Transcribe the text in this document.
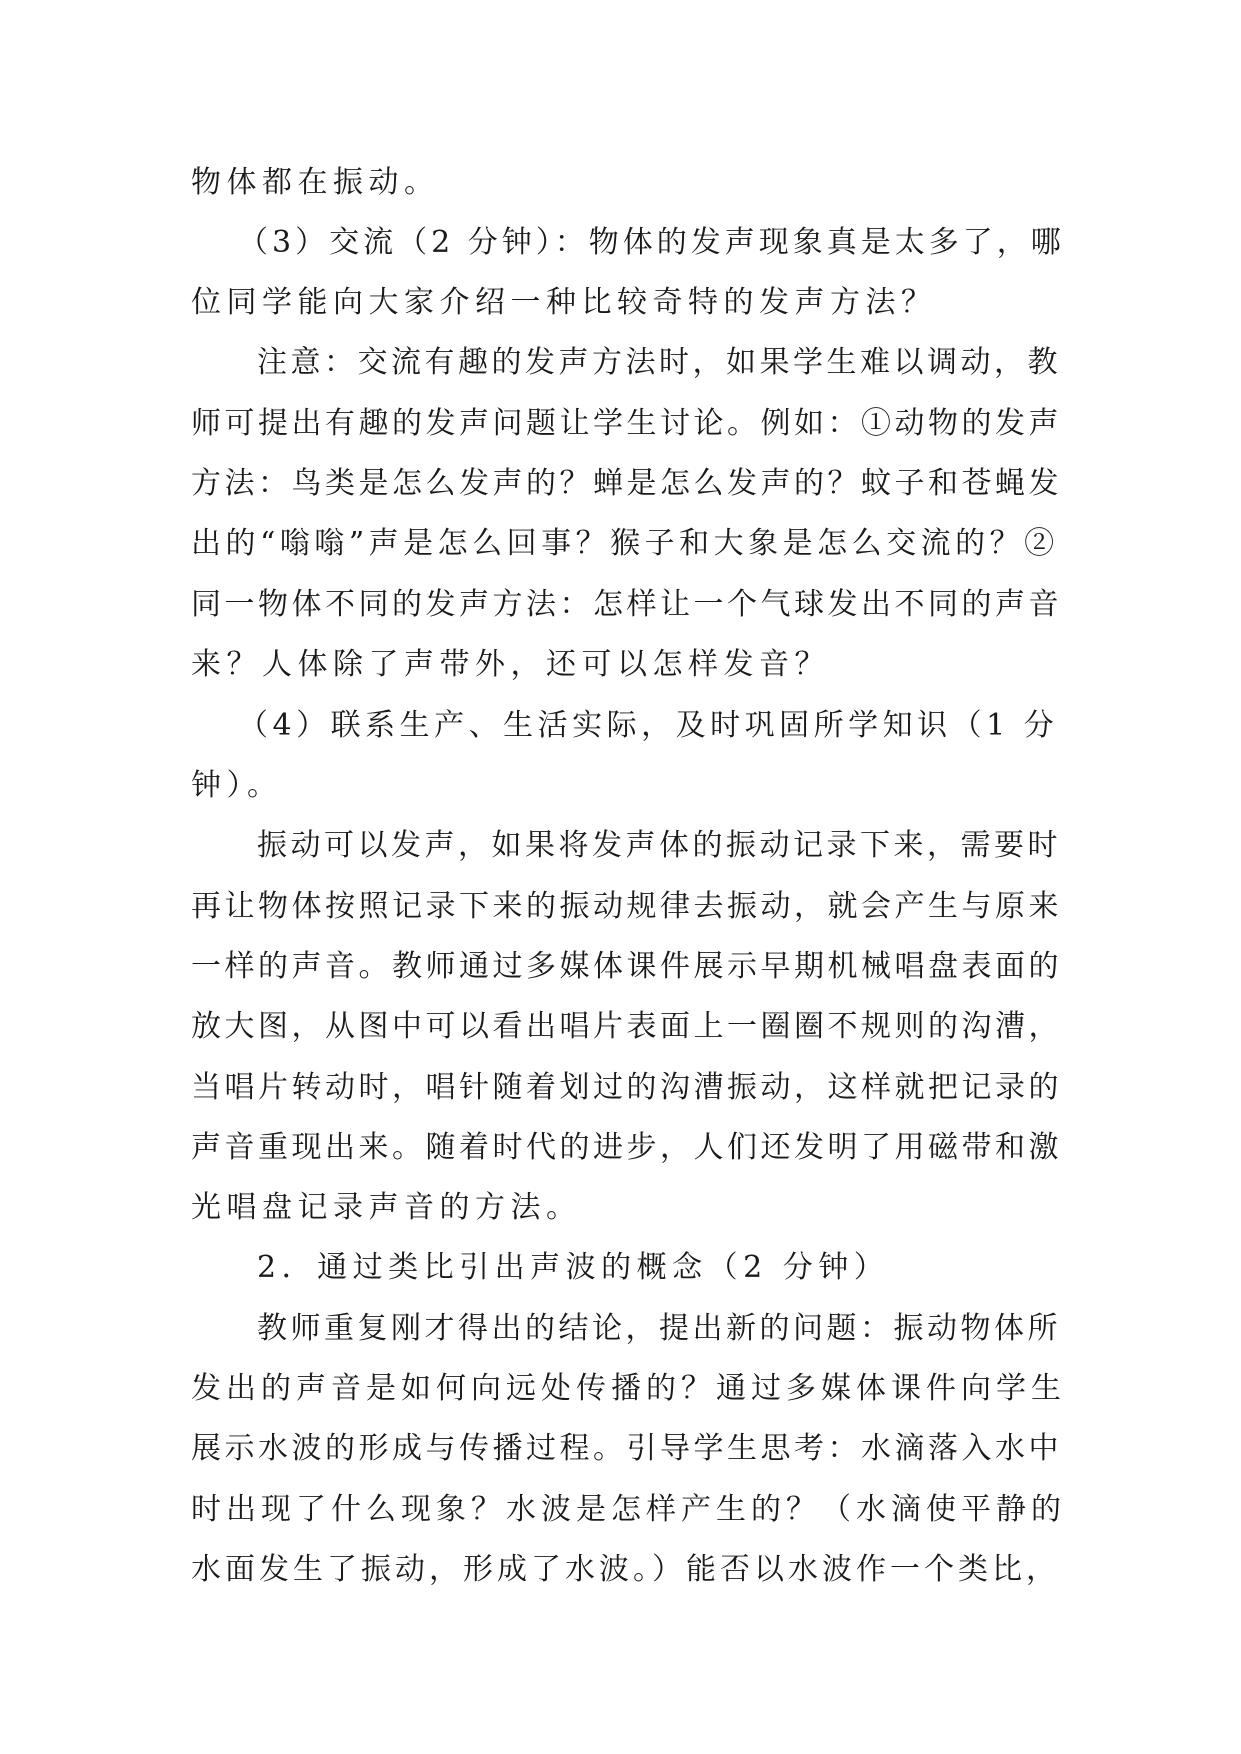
物体都在振动。
（3）交流（2 分钟）：物体的发声现象真是太多了，哪
位同学能向大家介绍一种比较奇特的发声方法？
注意：交流有趣的发声方法时，如果学生难以调动，教
师可提出有趣的发声问题让学生讨论。例如：①动物的发声
方法：鸟类是怎么发声的？蝉是怎么发声的？蚊子和苍蝇发
出的“嗡嗡”声是怎么回事？猴子和大象是怎么交流的？②
同一物体不同的发声方法：怎样让一个气球发出不同的声音
来？人体除了声带外，还可以怎样发音？
（4）联系生产、生活实际，及时巩固所学知识（1 分
钟）。
振动可以发声，如果将发声体的振动记录下来，需要时
再让物体按照记录下来的振动规律去振动，就会产生与原来
一样的声音。教师通过多媒体课件展示早期机械唱盘表面的
放大图，从图中可以看出唱片表面上一圈圈不规则的沟漕，
当唱片转动时，唱针随着划过的沟漕振动，这样就把记录的
声音重现出来。随着时代的进步，人们还发明了用磁带和激
光唱盘记录声音的方法。
2．通过类比引出声波的概念（2 分钟）
教师重复刚才得出的结论，提出新的问题：振动物体所
发出的声音是如何向远处传播的？通过多媒体课件向学生
展示水波的形成与传播过程。引导学生思考：水滴落入水中
时出现了什么现象？水波是怎样产生的？（水滴使平静的
水面发生了振动，形成了水波。）能否以水波作一个类比，
